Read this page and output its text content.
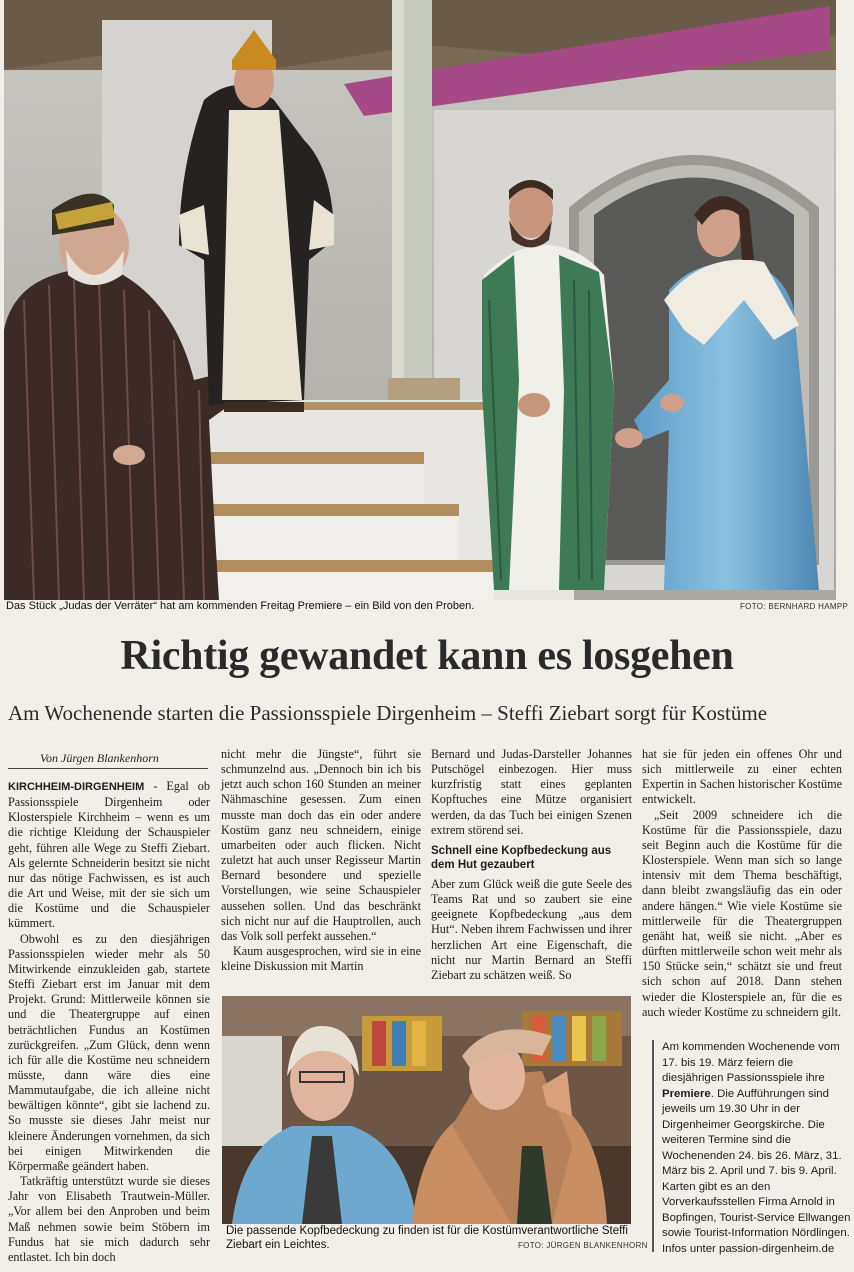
Das Stück „Judas der Verräter“ hat am kommenden Freitag Premiere – ein Bild von den Proben.	FOTO: BERNHARD HAMPP
Richtig gewandet kann es losgehen
Am Wochenende starten die Passionsspiele Dirgenheim – Steffi Ziebart sorgt für Kostüme
Von Jürgen Blankenhorn

KIRCHHEIM-DIRGENHEIM - Egal ob Passionsspiele Dirgenheim oder Klosterspiele Kirchheim – wenn es um die richtige Kleidung der Schauspieler geht, führen alle Wege zu Steffi Ziebart. Als gelernte Schneiderin besitzt sie nicht nur das nötige Fachwissen, es ist auch die Art und Weise, mit der sie sich um die Kostüme und die Schauspieler kümmert.

Obwohl es zu den diesjährigen Passionsspielen wieder mehr als 50 Mitwirkende einzukleiden gab, startete Steffi Ziebart erst im Januar mit dem Projekt. Grund: Mittlerweile können sie und die Theatergruppe auf einen beträchtlichen Fundus an Kostümen zurückgreifen. „Zum Glück, denn wenn ich für alle die Kostüme neu schneidern müsste, dann wäre dies eine Mammutaufgabe, die ich alleine nicht bewältigen könnte“, gibt sie lachend zu. So musste sie dieses Jahr meist nur kleinere Änderungen vornehmen, da sich bei einigen Mitwirkenden die Körpermaße geändert haben.

Tatkräftig unterstützt wurde sie dieses Jahr von Elisabeth Trautwein-Müller. „Vor allem bei den Anproben und beim Maß nehmen sowie beim Stöbern im Fundus hat sie mich dadurch sehr entlastet. Ich bin doch

nicht mehr die Jüngste“, führt sie schmunzelnd aus. „Dennoch bin ich bis jetzt auch schon 160 Stunden an meiner Nähmaschine gesessen. Zum einen musste man doch das ein oder andere Kostüm ganz neu schneidern, einige umarbeiten oder auch flicken. Nicht zuletzt hat auch unser Regisseur Martin Bernard besondere und spezielle Vorstellungen, wie seine Schauspieler aussehen sollen. Und das beschränkt sich nicht nur auf die Hauptrollen, auch das Volk soll perfekt aussehen.“

Kaum ausgesprochen, wird sie in eine kleine Diskussion mit Martin

Bernard und Judas-Darsteller Johannes Putschögel einbezogen. Hier muss kurzfristig statt eines geplanten Kopftuches eine Mütze organisiert werden, da das Tuch bei einigen Szenen extrem störend sei.

Schnell eine Kopfbedeckung aus dem Hut gezaubert

Aber zum Glück weiß die gute Seele des Teams Rat und so zaubert sie eine geeignete Kopfbedeckung „aus dem Hut“. Neben ihrem Fachwissen und ihrer herzlichen Art eine Eigenschaft, die nicht nur Martin Bernard an Steffi Ziebart zu schätzen weiß. So

hat sie für jeden ein offenes Ohr und sich mittlerweile zu einer echten Expertin in Sachen historischer Kostüme entwickelt.

„Seit 2009 schneidere ich die Kostüme für die Passionsspiele, dazu seit Beginn auch die Kostüme für die Klosterspiele. Wenn man sich so lange intensiv mit dem Thema beschäftigt, dann bleibt zwangsläufig das ein oder andere hängen.“ Wie viele Kostüme sie mittlerweile für die Theatergruppen genäht hat, weiß sie nicht. „Aber es dürften mittlerweile schon weit mehr als 150 Stücke sein,“ schätzt sie und freut sich schon auf 2018. Dann stehen wieder die Klosterspiele an, für die es auch wieder Kostüme zu schneidern gilt.

Die passende Kopfbedeckung zu finden ist für die Kostümverantwortliche Steffi Ziebart ein Leichtes.	FOTO: JÜRGEN BLANKENHORN
Am kommenden Wochenende vom 17. bis 19. März feiern die diesjährigen Passionsspiele ihre Premiere. Die Aufführungen sind jeweils um 19.30 Uhr in der Dirgenheimer Georgskirche. Die weiteren Termine sind die Wochenenden 24. bis 26. März, 31. März bis 2. April und 7. bis 9. April. Karten gibt es an den Vorverkaufsstellen Firma Arnold in Bopfingen, Tourist-Service Ellwangen sowie Tourist-Information Nördlingen. Infos unter passion-dirgenheim.de
